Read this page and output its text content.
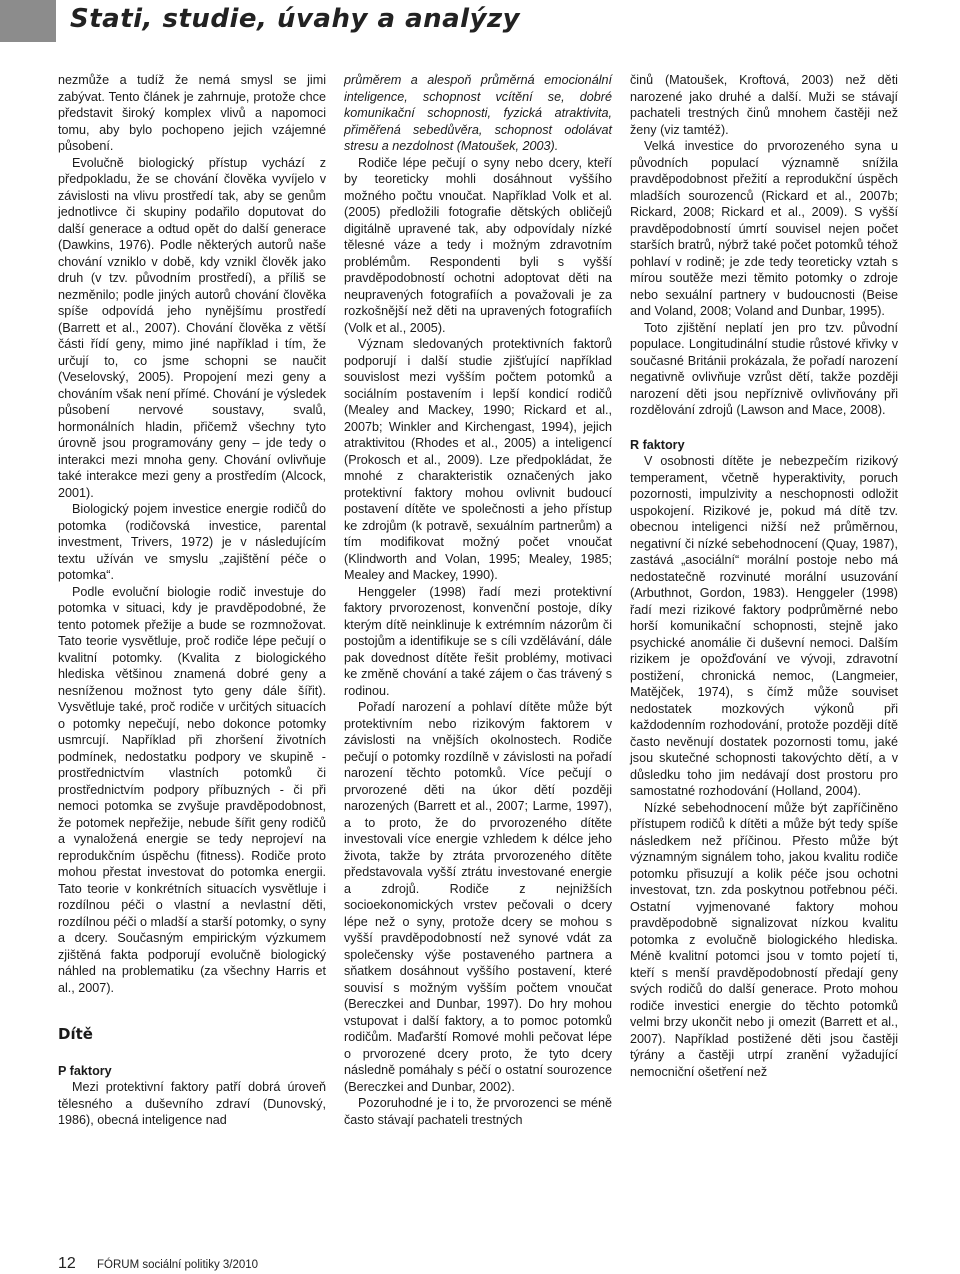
Stati, studie, úvahy a analýzy

nezmůže a tudíž že nemá smysl se jimi zabývat. Tento článek je zahrnuje, protože chce představit široký komplex vlivů a napomoci tomu, aby bylo pochopeno jejich vzájemné působení.

Evolučně biologický přístup vychází z předpokladu, že se chování člověka vyvíjelo v závislosti na vlivu prostředí tak, aby se genům jednotlivce či skupiny podařilo doputovat do další generace a odtud opět do další generace (Dawkins, 1976). Podle některých autorů naše chování vzniklo v době, kdy vznikl člověk jako druh (v tzv. původním prostředí), a příliš se nezměnilo; podle jiných autorů chování člověka spíše odpovídá jeho nynějšímu prostředí (Barrett et al., 2007). Chování člověka z větší části řídí geny, mimo jiné například i tím, že určují to, co jsme schopni se naučit (Veselovský, 2005). Propojení mezi geny a chováním však není přímé. Chování je výsledek působení nervové soustavy, svalů, hormonálních hladin, přičemž všechny tyto úrovně jsou programovány geny – jde tedy o interakci mezi mnoha geny. Chování ovlivňuje také interakce mezi geny a prostředím (Alcock, 2001).

Biologický pojem investice energie rodičů do potomka (rodičovská investice, parental investment, Trivers, 1972) je v následujícím textu užíván ve smyslu „zajištění péče o potomka“.

Podle evoluční biologie rodič investuje do potomka v situaci, kdy je pravděpodobné, že tento potomek přežije a bude se rozmnožovat. Tato teorie vysvětluje, proč rodiče lépe pečují o kvalitní potomky. (Kvalita z biologického hlediska většinou znamená dobré geny a nesníženou možnost tyto geny dále šířit). Vysvětluje také, proč rodiče v určitých situacích o potomky nepečují, nebo dokonce potomky usmrcují. Například při zhoršení životních podmínek, nedostatku podpory ve skupině - prostřednictvím vlastních potomků či prostřednictvím podpory příbuzných - či při nemoci potomka se zvyšuje pravděpodobnost, že potomek nepřežije, nebude šířit geny rodičů a vynaložená energie se tedy neprojeví na reprodukčním úspěchu (fitness). Rodiče proto mohou přestat investovat do potomka energii. Tato teorie v konkrétních situacích vysvětluje i rozdílnou péči o vlastní a nevlastní děti, rozdílnou péči o mladší a starší potomky, o syny a dcery. Současným empirickým výzkumem zjištěná fakta podporují evolučně biologický náhled na problematiku (za všechny Harris et al., 2007).

Dítě
P faktory

Mezi protektivní faktory patří dobrá úroveň tělesného a duševního zdraví (Dunovský, 1986), obecná inteligence nad

průměrem a alespoň průměrná emocionální inteligence, schopnost vcítění se, dobré komunikační schopnosti, fyzická atraktivita, přiměřená sebedůvěra, schopnost odolávat stresu a nezdolnost (Matoušek, 2003).

Rodiče lépe pečují o syny nebo dcery, kteří by teoreticky mohli dosáhnout vyššího možného počtu vnoučat. Například Volk et al. (2005) předložili fotografie dětských obličejů digitálně upravené tak, aby odpovídaly nízké tělesné váze a tedy i možným zdravotním problémům. Respondenti byli s vyšší pravděpodobností ochotni adoptovat děti na neupravených fotografiích a považovali je za rozkošnější než děti na upravených fotografiích (Volk et al., 2005).

Význam sledovaných protektivních faktorů podporují i další studie zjišťující například souvislost mezi vyšším počtem potomků a sociálním postavením i lepší kondicí rodičů (Mealey and Mackey, 1990; Rickard et al., 2007b; Winkler and Kirchengast, 1994), jejich atraktivitou (Rhodes et al., 2005) a inteligencí (Prokosch et al., 2009). Lze předpokládat, že mnohé z charakteristik označených jako protektivní faktory mohou ovlivnit budoucí postavení dítěte ve společnosti a jeho přístup ke zdrojům (k potravě, sexuálním partnerům) a tím modifikovat možný počet vnoučat (Klindworth and Volan, 1995; Mealey, 1985; Mealey and Mackey, 1990).

Henggeler (1998) řadí mezi protektivní faktory prvorozenost, konvenční postoje, díky kterým dítě neinklinuje k extrémním názorům či postojům a identifikuje se s cíli vzdělávání, dále pak dovednost dítěte řešit problémy, motivaci ke změně chování a také zájem o čas trávený s rodinou.

Pořadí narození a pohlaví dítěte může být protektivním nebo rizikovým faktorem v závislosti na vnějších okolnostech. Rodiče pečují o potomky rozdílně v závislosti na pořadí narození těchto potomků. Více pečují o prvorozené děti na úkor dětí později narozených (Barrett et al., 2007; Larme, 1997), a to proto, že do prvorozeného dítěte investovali více energie vzhledem k délce jeho života, takže by ztráta prvorozeného dítěte představovala vyšší ztrátu investované energie a zdrojů. Rodiče z nejnižších socioekonomických vrstev pečovali o dcery lépe než o syny, protože dcery se mohou s vyšší pravděpodobností než synové vdát za společensky výše postaveného partnera a sňatkem dosáhnout vyššího postavení, které souvisí s možným vyšším počtem vnoučat (Bereczkei and Dunbar, 1997). Do hry mohou vstupovat i další faktory, a to pomoc potomků rodičům. Maďarští Romové mohli pečovat lépe o prvorozené dcery proto, že tyto dcery následně pomáhaly s péčí o ostatní sourozence (Bereczkei and Dunbar, 2002).

Pozoruhodné je i to, že prvorozenci se méně často stávají pachateli trestných

činů (Matoušek, Kroftová, 2003) než děti narozené jako druhé a další. Muži se stávají pachateli trestných činů mnohem častěji než ženy (viz tamtéž).

Velká investice do prvorozeného syna u původních populací významně snížila pravděpodobnost přežití a reprodukční úspěch mladších sourozenců (Rickard et al., 2007b; Rickard, 2008; Rickard et al., 2009). S vyšší pravděpodobností úmrtí souvisel nejen počet starších bratrů, nýbrž také počet potomků téhož pohlaví v rodině; je zde tedy teoreticky vztah s mírou soutěže mezi těmito potomky o zdroje nebo sexuální partnery v budoucnosti (Beise and Voland, 2008; Voland and Dunbar, 1995).

Toto zjištění neplatí jen pro tzv. původní populace. Longitudinální studie růstové křivky v současné Británii prokázala, že pořadí narození negativně ovlivňuje vzrůst dětí, takže později narození děti jsou nepříznivě ovlivňovány při rozdělování zdrojů (Lawson and Mace, 2008).

R faktory

V osobnosti dítěte je nebezpečím rizikový temperament, včetně hyperaktivity, poruch pozornosti, impulzivity a neschopnosti odložit uspokojení. Rizikové je, pokud má dítě tzv. obecnou inteligenci nižší než průměrnou, negativní či nízké sebehodnocení (Quay, 1987), zastává „asociální“ morální postoje nebo má nedostatečně rozvinuté morální usuzování (Arbuthnot, Gordon, 1983). Henggeler (1998) řadí mezi rizikové faktory podprůměrné nebo horší komunikační schopnosti, stejně jako psychické anomálie či duševní nemoci. Dalším rizikem je opožďování ve vývoji, zdravotní postižení, chronická nemoc, (Langmeier, Matějček, 1974), s čímž může souviset nedostatek mozkových výkonů při každodenním rozhodování, protože později dítě často nevěnují dostatek pozornosti tomu, jaké jsou skutečné schopnosti takovýchto dětí, a v důsledku toho jim nedávají dost prostoru pro samostatné rozhodování (Holland, 2004).

Nízké sebehodnocení může být zapříčiněno přístupem rodičů k dítěti a může být tedy spíše následkem než příčinou. Přesto může být významným signálem toho, jakou kvalitu rodiče potomku přisuzují a kolik péče jsou ochotni investovat, tzn. zda poskytnou potřebnou péči. Ostatní vyjmenované faktory mohou pravděpodobně signalizovat nízkou kvalitu potomka z evolučně biologického hlediska. Méně kvalitní potomci jsou v tomto pojetí ti, kteří s menší pravděpodobností předají geny svých rodičů do další generace. Proto mohou rodiče investici energie do těchto potomků velmi brzy ukončit nebo ji omezit (Barrett et al., 2007). Například postižené děti jsou častěji týrány a častěji utrpí zranění vyžadující nemocniční ošetření než

12 FÓRUM sociální politiky 3/2010
